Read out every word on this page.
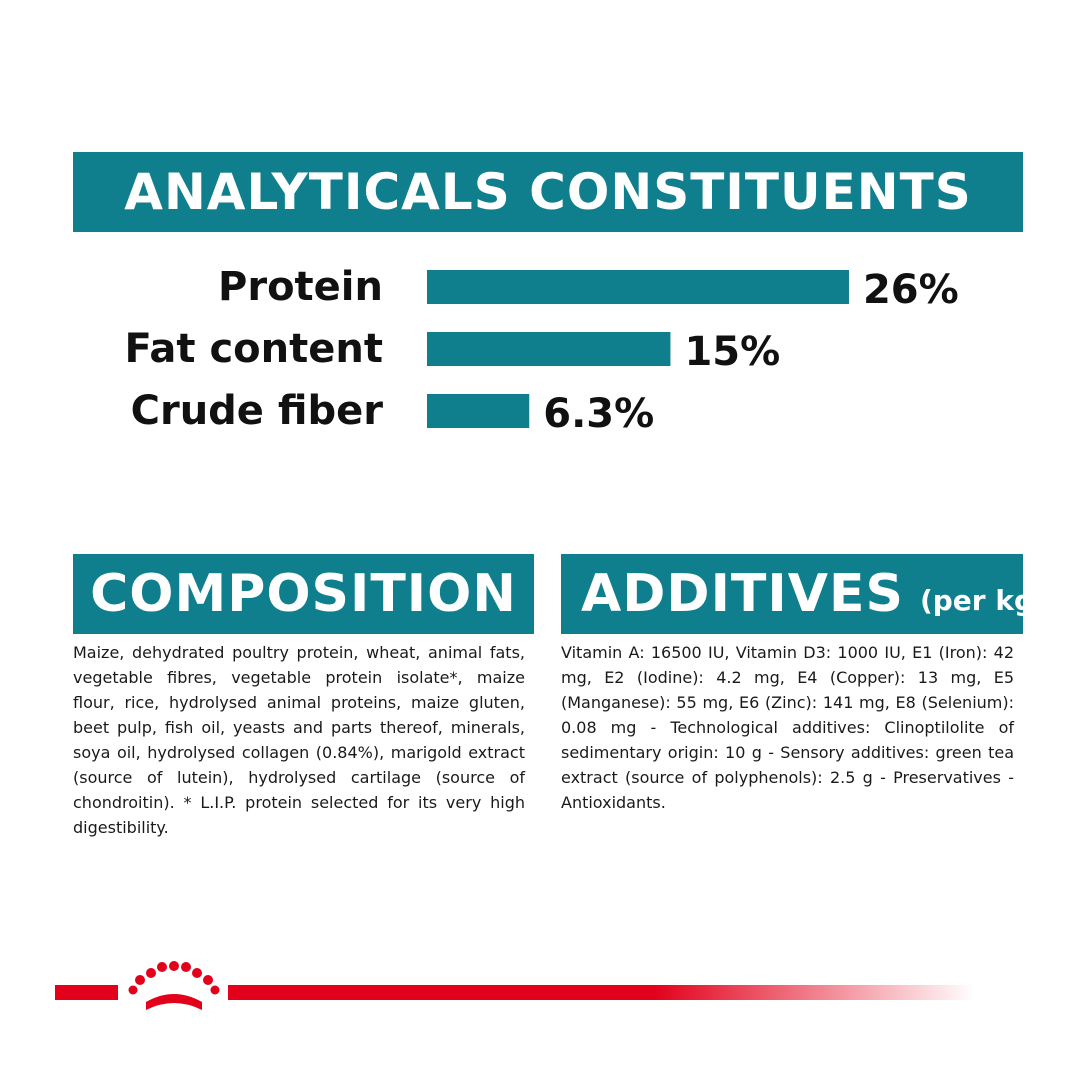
ANALYTICALS CONSTITUENTS
Protein	26%
Fat content	15%
Crude fiber	6.3%
COMPOSITION ADDITIVES (per kg)

Maize, dehydrated poultry protein, wheat, animal fats, vegetable fibres, vegetable protein isolate*, maize flour, rice, hydrolysed animal proteins, maize gluten, beet pulp, fish oil, yeasts and parts thereof, minerals, soya oil, hydrolysed collagen (0.84%), marigold extract (source of lutein), hydrolysed cartilage (source of chondroitin). * L.I.P. protein selected for its very high digestibility.

Vitamin A: 16500 IU, Vitamin D3: 1000 IU, E1 (Iron): 42 mg, E2 (Iodine): 4.2 mg, E4 (Copper): 13 mg, E5 (Manganese): 55 mg, E6 (Zinc): 141 mg, E8 (Selenium): 0.08 mg - Technological additives: Clinoptilolite of sedimentary origin: 10 g - Sensory additives: green tea extract (source of polyphenols): 2.5 g - Preservatives - Antioxidants.
